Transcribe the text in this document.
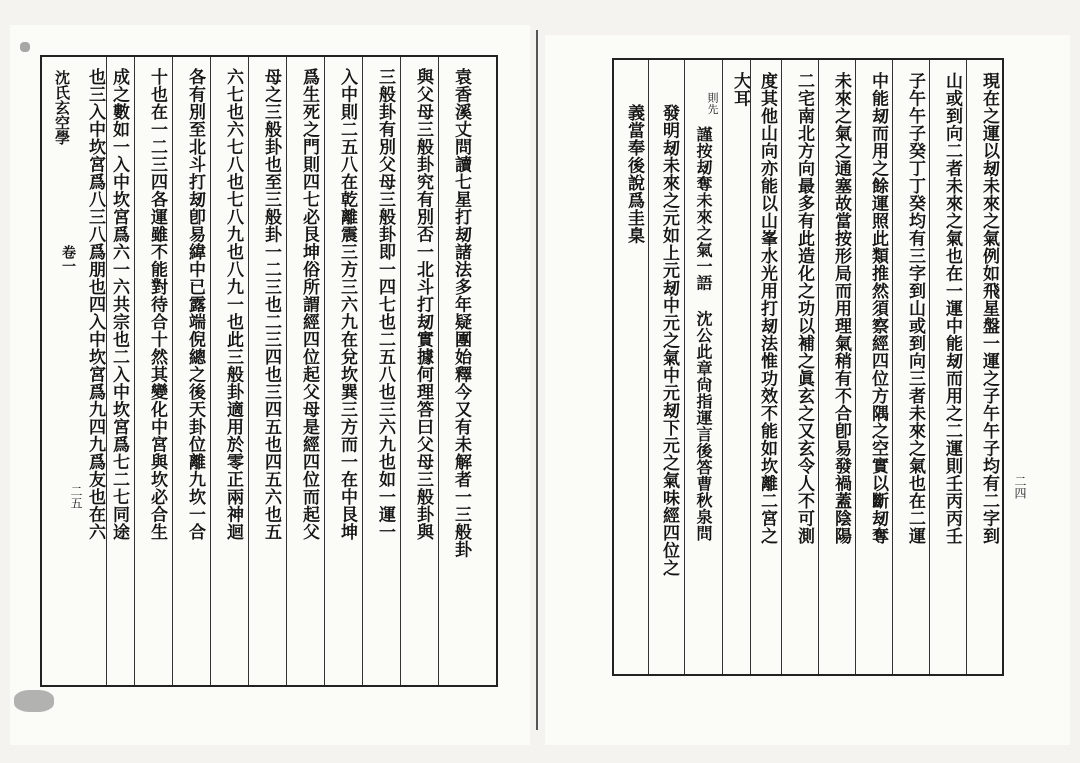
沈氏玄空學
卷一
二五	二四
袁香溪丈問讀七星打刼諸法多年疑團始釋今又有未解者一三般卦
與父母三般卦究有別否一北斗打刼實據何理答曰父母三般卦與
三般卦有別父母三般卦即一四七也二五八也三六九也如一運一
入中則二五八在乾離震三方三六九在兌坎巽三方而一在中艮坤
爲生死之門則四七必艮坤俗所謂經四位起父母是經四位而起父
母之三般卦也至三般卦一二三也二三四也三四五也四五六也五
六七也六七八也七八九也八九一也此三般卦適用於零正兩神迴
各有別至北斗打刼卽易緯中已露端倪總之後天卦位離九坎一合
十也在一二三四各運雖不能對待合十然其變化中宮與坎必合生
成之數如一入中坎宮爲六一六共宗也二入中坎宮爲七二七同途
也三入中坎宮爲八三八爲朋也四入中坎宮爲九四九爲友也在六	現在之運以刼未來之氣例如飛星盤一運之子午午子均有二字到
山或到向二者未來之氣也在一運中能刼而用之二運則壬丙丙壬
子午午子癸丁丁癸均有三字到山或到向三者未來之氣也在二運
中能刼而用之餘運照此類推然須察經四位方隅之空實以斷刼奪
未來之氣之通塞故當按形局而用理氣稍有不合卽易發禍蓋陰陽
二宅南北方向最多有此造化之功以補之眞玄之又玄令人不可測
度其他山向亦能以山峯水光用打刼法惟功效不能如坎離二宮之
大耳
則先
謹按刼奪未來之氣一語 沈公此章尙指運言後答曹秋泉問
發明刼未來之元如上元刼中元之氣中元刼下元之氣味經四位之
義當奉後說爲圭臬
